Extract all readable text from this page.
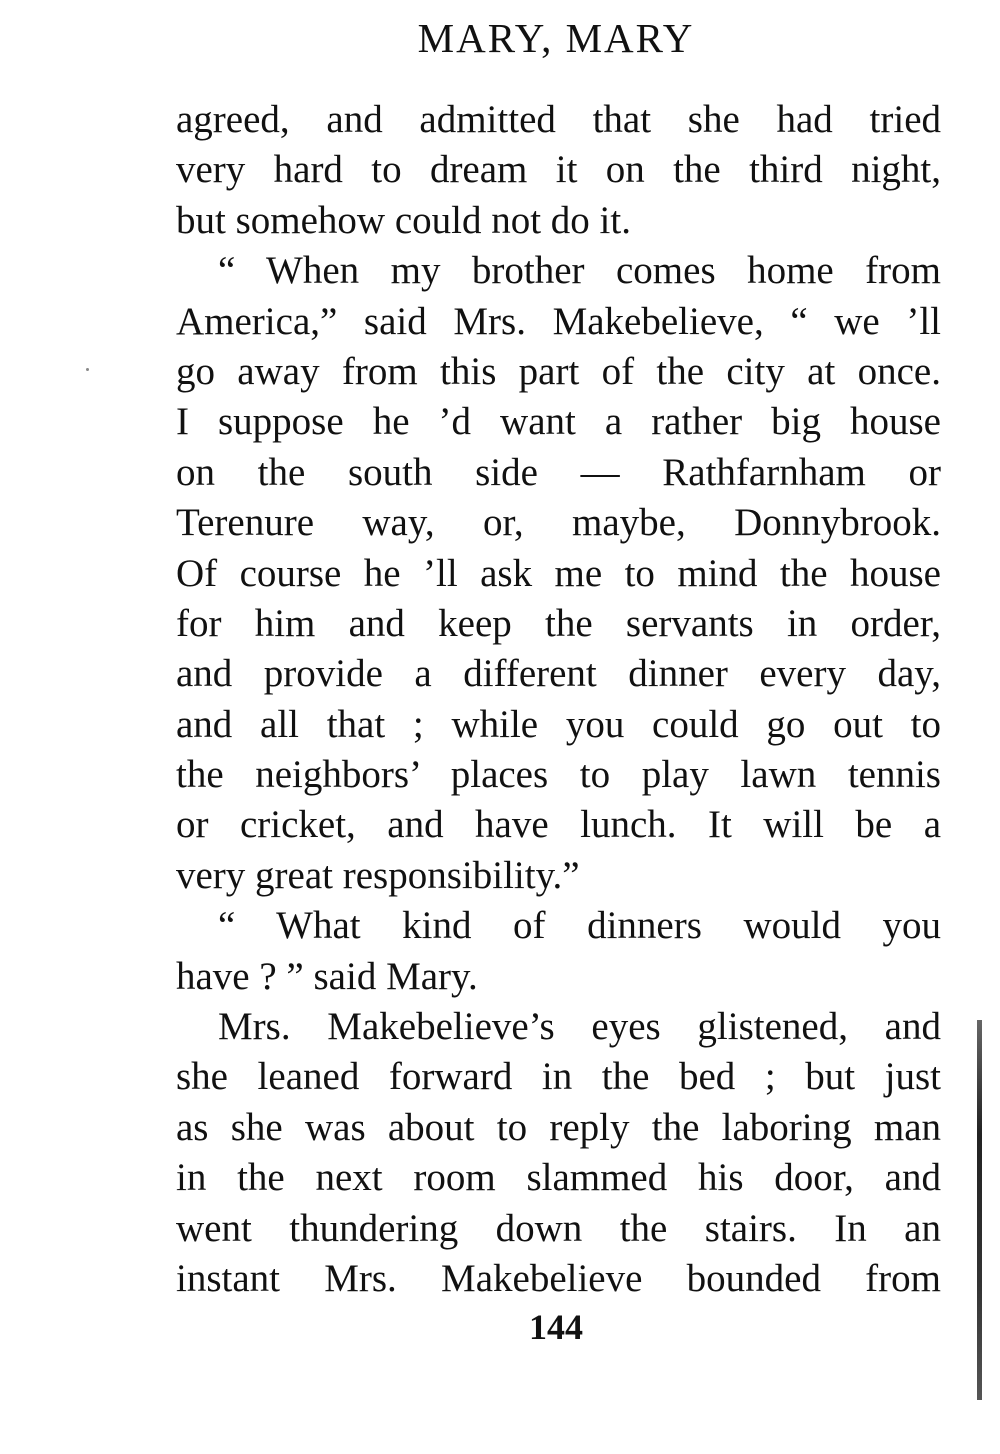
MARY, MARY
agreed, and admitted that she had tried
very hard to dream it on the third night,
but somehow could not do it.
“ When my brother comes home from
America,” said Mrs. Makebelieve, “ we ’ll
go away from this part of the city at once.
I suppose he ’d want a rather big house
on the south side — Rathfarnham or
Terenure way, or, maybe, Donnybrook.
Of course he ’ll ask me to mind the house
for him and keep the servants in order,
and provide a different dinner every day,
and all that ; while you could go out to
the neighbors’ places to play lawn tennis
or cricket, and have lunch. It will be a
very great responsibility.”
“ What kind of dinners would you
have ? ” said Mary.
Mrs. Makebelieve’s eyes glistened, and
she leaned forward in the bed ; but just
as she was about to reply the laboring man
in the next room slammed his door, and
went thundering down the stairs. In an
instant Mrs. Makebelieve bounded from
144
